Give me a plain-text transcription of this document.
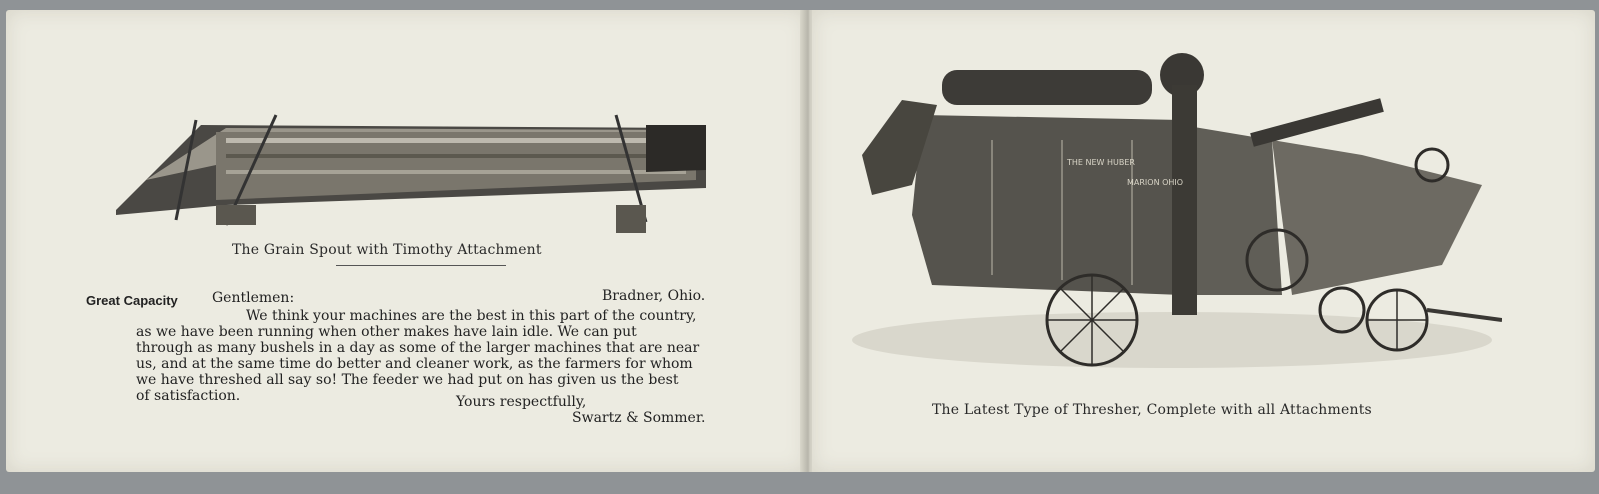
The Grain Spout with Timothy Attachment
Great Capacity Gentlemen:	Bradner, Ohio.
We think your machines are the best in this part of the country,
as we have been running when other makes have lain idle. We can put
through as many bushels in a day as some of the larger machines that are near
us, and at the same time do better and cleaner work, as the farmers for whom
we have threshed all say so! The feeder we had put on has given us the best
of satisfaction.	Yours respectfully,
Swartz & Sommer.
THE NEW HUBER
MARION OHIO
The Latest Type of Thresher, Complete with all Attachments
